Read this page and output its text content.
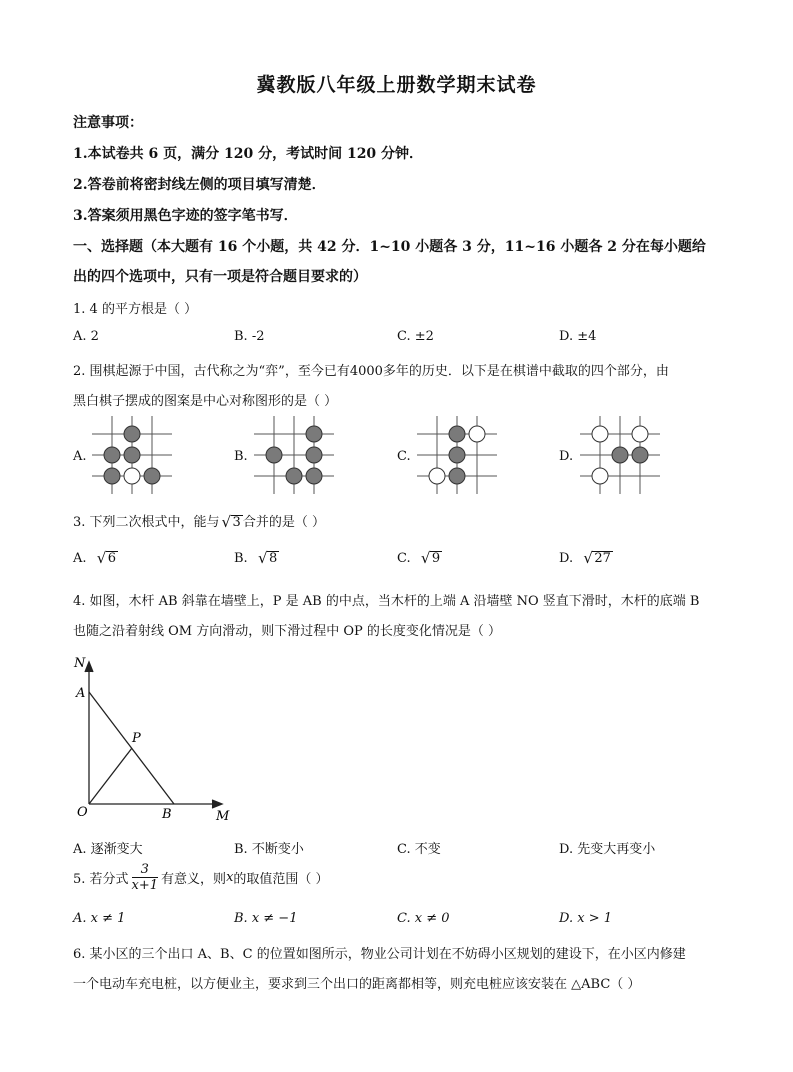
冀教版八年级上册数学期末试卷
注意事项：
1.本试卷共 6 页，满分 120 分，考试时间 120 分钟．
2.答卷前将密封线左侧的项目填写清楚．
3.答案须用黑色字迹的签字笔书写．
一、选择题（本大题有 16 个小题，共 42 分．1~10 小题各 3 分，11~16 小题各 2 分在每小题给
出的四个选项中，只有一项是符合题目要求的）
1. 4 的平方根是（ ）
A. 2	B. -2	C. ±2	D. ±4
2. 围棋起源于中国，古代称之为“弈”，至今已有4000多年的历史．以下是在棋谱中截取的四个部分，由
黑白棋子摆成的图案是中心对称图形的是（ ）
A.	B.	C.	D.
3. 下列二次根式中，能与 √ 3 合并的是（ ）
A. √ 6	B. √ 8	C. √ 9	D. √ 27
4. 如图，木杆 AB 斜靠在墙壁上，P 是 AB 的中点，当木杆的上端 A 沿墙壁 NO 竖直下滑时，木杆的底端 B
也随之沿着射线 OM 方向滑动，则下滑过程中 OP 的长度变化情况是（ ）
N
A
P
O	B	M
A. 逐渐变大	B. 不断变小	C. 不变	D. 先变大再变小
5. 若分式 $\frac{3}{x+1}$ 有意义，则x的取值范围（ ）
A. x ≠ 1	B. x ≠ −1	C. x ≠ 0	D. x > 1
6. 某小区的三个出口 A、B、C 的位置如图所示，物业公司计划在不妨碍小区规划的建设下，在小区内修建
一个电动车充电桩，以方便业主，要求到三个出口的距离都相等，则充电桩应该安装在 △ABC（ ）
